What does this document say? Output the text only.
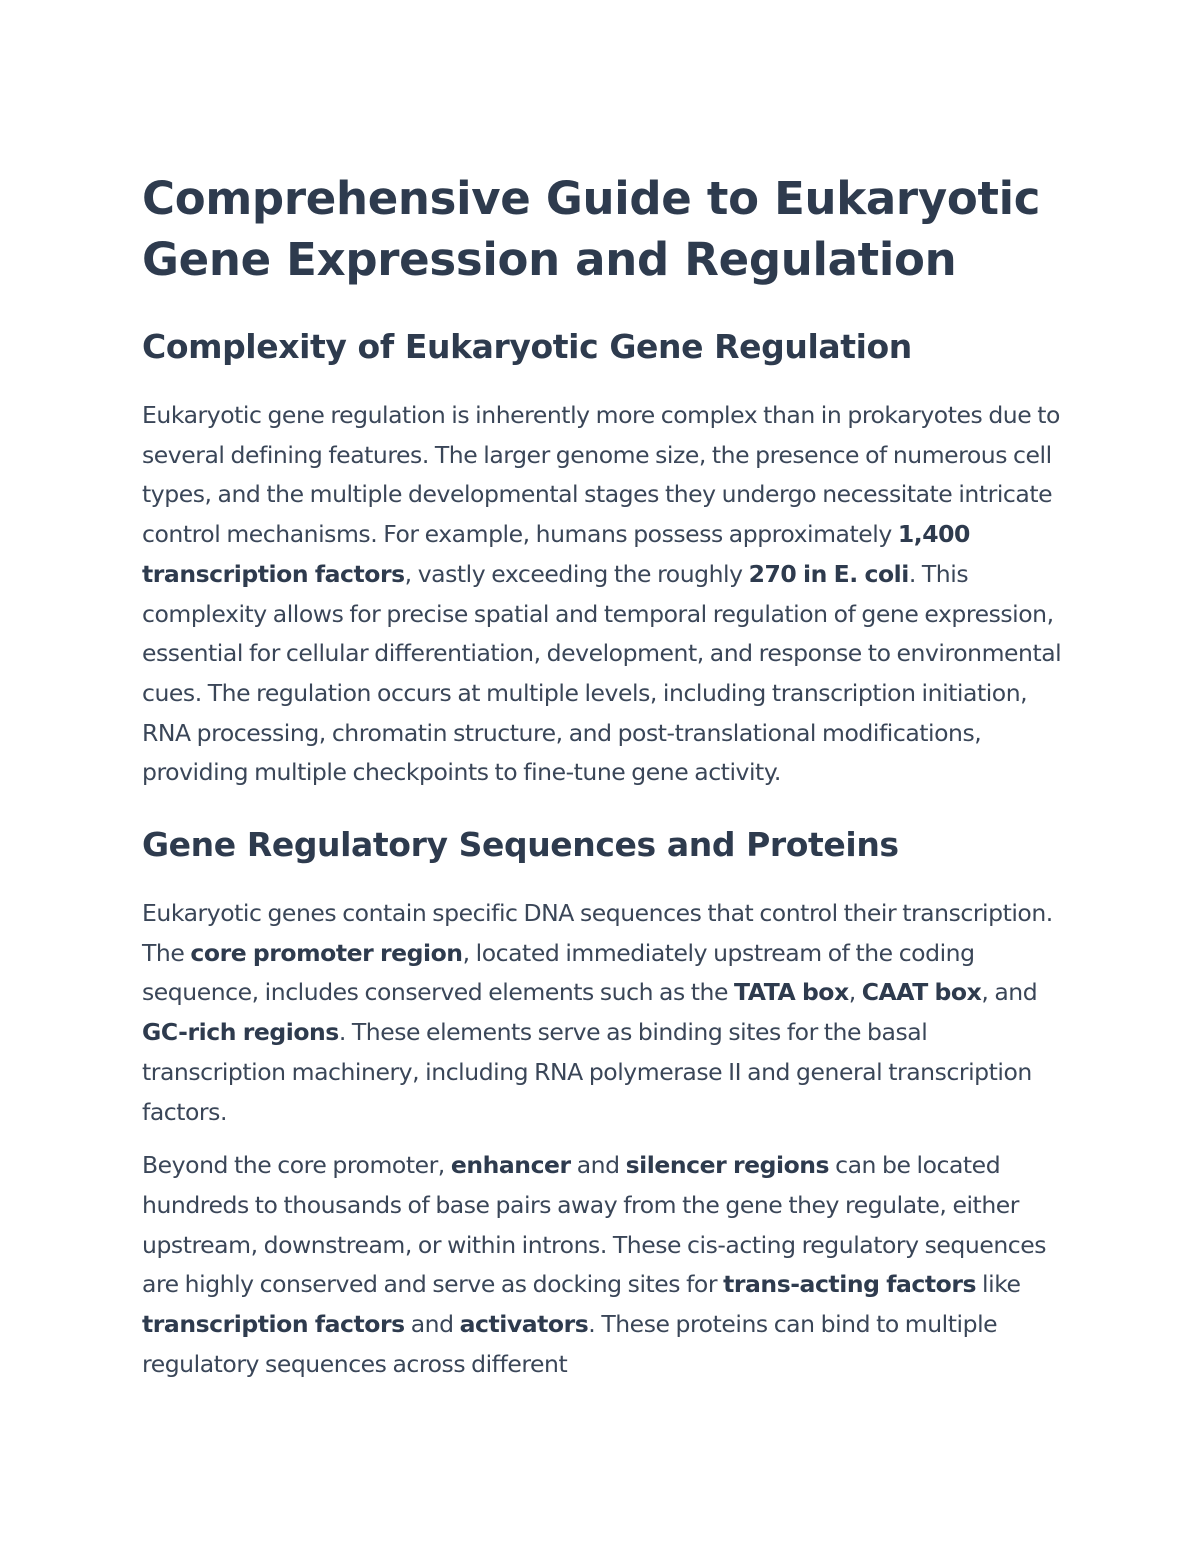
Comprehensive Guide to Eukaryotic Gene Expression and Regulation
Complexity of Eukaryotic Gene Regulation

Eukaryotic gene regulation is inherently more complex than in prokaryotes due to several defining features. The larger genome size, the presence of numerous cell types, and the multiple developmental stages they undergo necessitate intricate control mechanisms. For example, humans possess approximately 1,400 transcription factors, vastly exceeding the roughly 270 in E. coli. This complexity allows for precise spatial and temporal regulation of gene expression, essential for cellular differentiation, development, and response to environmental cues. The regulation occurs at multiple levels, including transcription initiation, RNA processing, chromatin structure, and post-translational modifications, providing multiple checkpoints to fine-tune gene activity.

Gene Regulatory Sequences and Proteins

Eukaryotic genes contain specific DNA sequences that control their transcription. The core promoter region, located immediately upstream of the coding sequence, includes conserved elements such as the TATA box, CAAT box, and GC-rich regions. These elements serve as binding sites for the basal transcription machinery, including RNA polymerase II and general transcription factors.

Beyond the core promoter, enhancer and silencer regions can be located hundreds to thousands of base pairs away from the gene they regulate, either upstream, downstream, or within introns. These cis-acting regulatory sequences are highly conserved and serve as docking sites for trans-acting factors like transcription factors and activators. These proteins can bind to multiple regulatory sequences across different
